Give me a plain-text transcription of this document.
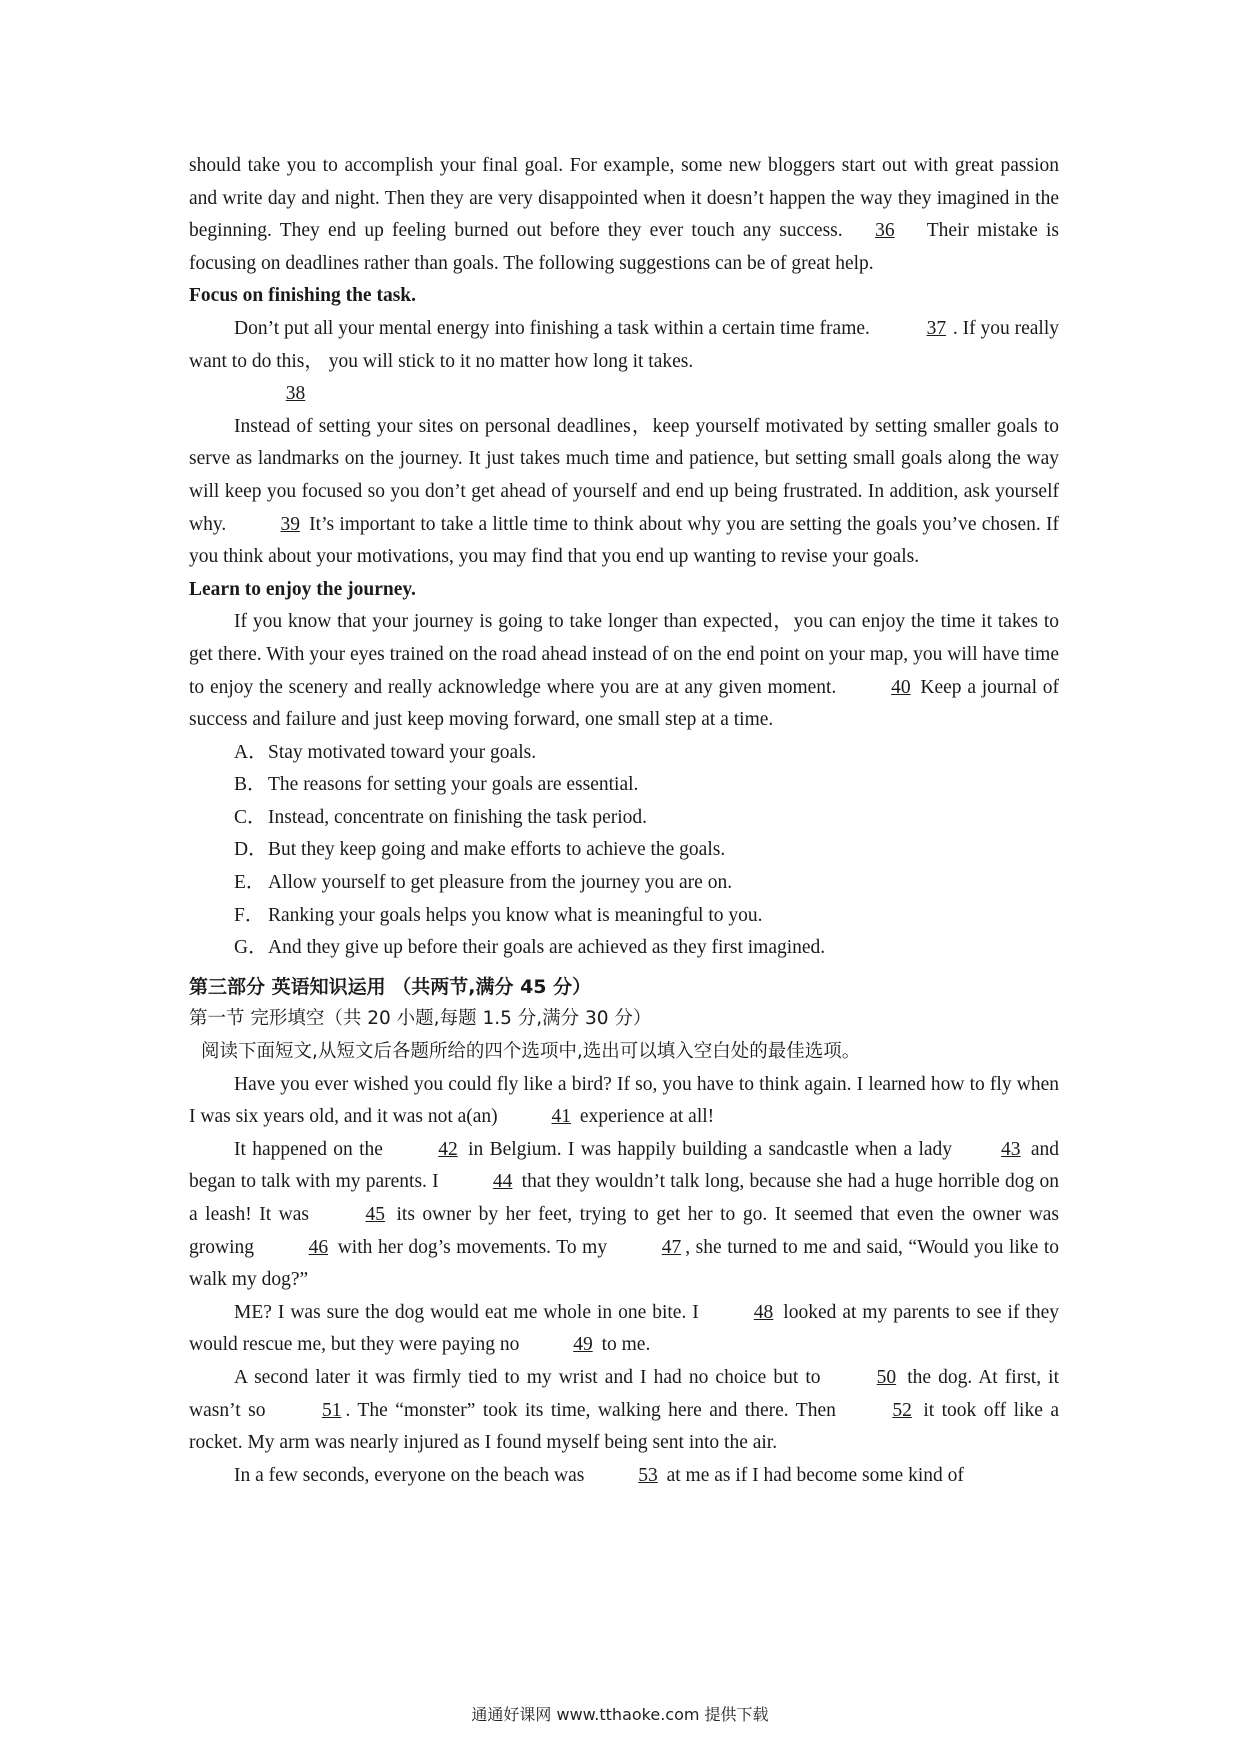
should take you to accomplish your final goal. For example, some new bloggers start out with great passion and write day and night. Then they are very disappointed when it doesn’t happen the way they imagined in the beginning. They end up feeling burned out before they ever touch any success. 36 Their mistake is focusing on deadlines rather than goals. The following suggestions can be of great help.

Focus on finishing the task.

Don’t put all your mental energy into finishing a task within a certain time frame.	37 . If you really want to do this， you will stick to it no matter how long it takes.

38

Instead of setting your sites on personal deadlines，keep yourself motivated by setting smaller goals to serve as landmarks on the journey. It just takes much time and patience, but setting small goals along the way will keep you focused so you don’t get ahead of yourself and end up being frustrated. In addition, ask yourself why.	39 It’s important to take a little time to think about why you are setting the goals you’ve chosen. If you think about your motivations, you may find that you end up wanting to revise your goals.

Learn to enjoy the journey.

If you know that your journey is going to take longer than expected，you can enjoy the time it takes to get there. With your eyes trained on the road ahead instead of on the end point on your map, you will have time to enjoy the scenery and really acknowledge where you are at any given moment.	40 Keep a journal of success and failure and just keep moving forward, one small step at a time.

A．Stay motivated toward your goals.

B．The reasons for setting your goals are essential.

C．Instead, concentrate on finishing the task period.

D．But they keep going and make efforts to achieve the goals.

E． Allow yourself to get pleasure from the journey you are on.

F． Ranking your goals helps you know what is meaningful to you.

G．And they give up before their goals are achieved as they first imagined.

第三部分 英语知识运用 （共两节,满分 45 分）

第一节 完形填空（共 20 小题,每题 1.5 分,满分 30 分）

阅读下面短文,从短文后各题所给的四个选项中,选出可以填入空白处的最佳选项。

Have you ever wished you could fly like a bird? If so, you have to think again. I learned how to fly when I was six years old, and it was not a(an)	41 experience at all!

It happened on the	42 in Belgium. I was happily building a sandcastle when a lady	43 and began to talk with my parents. I	44 that they wouldn’t talk long, because she had a huge horrible dog on a leash! It was	45 its owner by her feet, trying to get her to go. It seemed that even the owner was growing	46 with her dog’s movements. To my	47 , she turned to me and said, “Would you like to walk my dog?”

ME? I was sure the dog would eat me whole in one bite. I	48 looked at my parents to see if they would rescue me, but they were paying no	49 to me.

A second later it was firmly tied to my wrist and I had no choice but to	50 the dog. At first, it wasn’t so	51 . The “monster” took its time, walking here and there. Then	52 it took off like a rocket. My arm was nearly injured as I found myself being sent into the air.

In a few seconds, everyone on the beach was	53 at me as if I had become some kind of

通通好课网 www.tthaoke.com 提供下载
